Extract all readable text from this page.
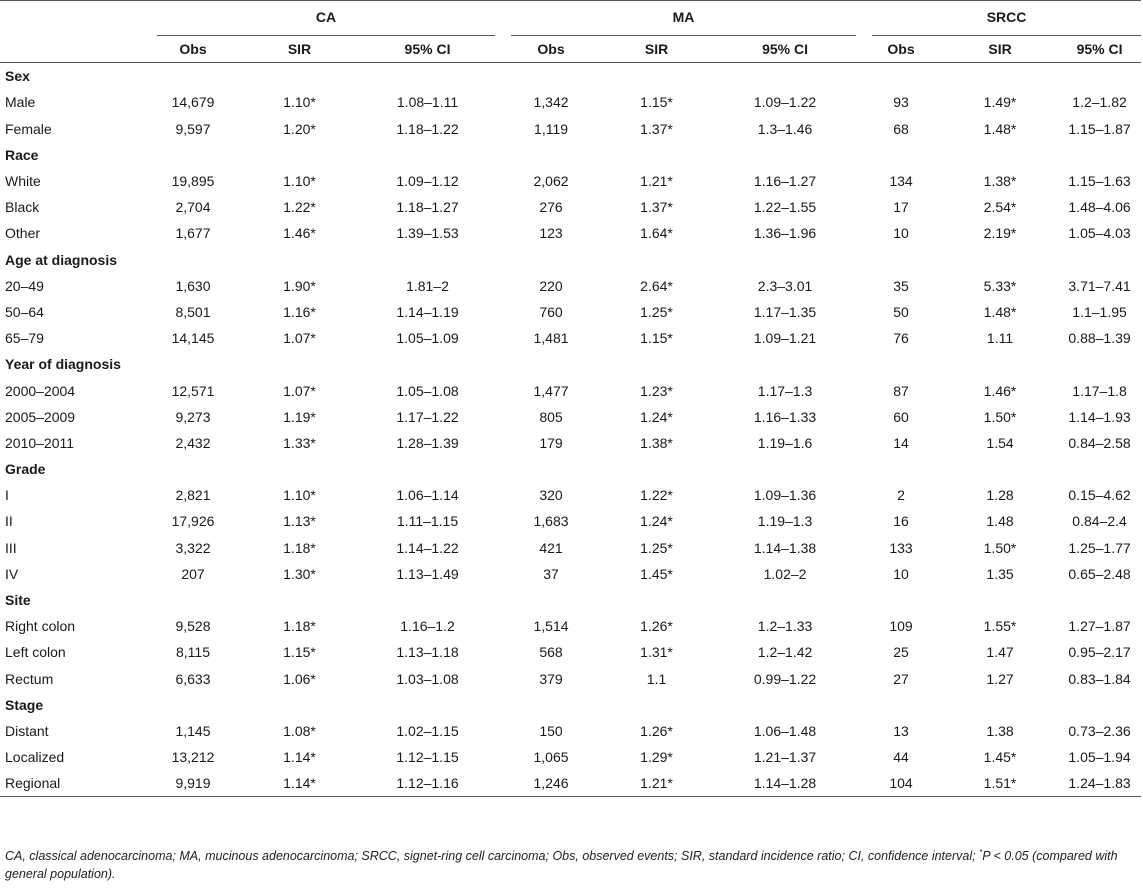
	CA			MA			SRCC		

	Obs	SIR	95% CI	Obs	SIR	95% CI	Obs	SIR	95% CI
Sex									
Male	14,679	1.10*	1.08–1.11	1,342	1.15*	1.09–1.22	93	1.49*	1.2–1.82
Female	9,597	1.20*	1.18–1.22	1,119	1.37*	1.3–1.46	68	1.48*	1.15–1.87
Race									
White	19,895	1.10*	1.09–1.12	2,062	1.21*	1.16–1.27	134	1.38*	1.15–1.63
Black	2,704	1.22*	1.18–1.27	276	1.37*	1.22–1.55	17	2.54*	1.48–4.06
Other	1,677	1.46*	1.39–1.53	123	1.64*	1.36–1.96	10	2.19*	1.05–4.03
Age at diagnosis									
20–49	1,630	1.90*	1.81–2	220	2.64*	2.3–3.01	35	5.33*	3.71–7.41
50–64	8,501	1.16*	1.14–1.19	760	1.25*	1.17–1.35	50	1.48*	1.1–1.95
65–79	14,145	1.07*	1.05–1.09	1,481	1.15*	1.09–1.21	76	1.11	0.88–1.39
Year of diagnosis									
2000–2004	12,571	1.07*	1.05–1.08	1,477	1.23*	1.17–1.3	87	1.46*	1.17–1.8
2005–2009	9,273	1.19*	1.17–1.22	805	1.24*	1.16–1.33	60	1.50*	1.14–1.93
2010–2011	2,432	1.33*	1.28–1.39	179	1.38*	1.19–1.6	14	1.54	0.84–2.58
Grade									
I	2,821	1.10*	1.06–1.14	320	1.22*	1.09–1.36	2	1.28	0.15–4.62
II	17,926	1.13*	1.11–1.15	1,683	1.24*	1.19–1.3	16	1.48	0.84–2.4
III	3,322	1.18*	1.14–1.22	421	1.25*	1.14–1.38	133	1.50*	1.25–1.77
IV	207	1.30*	1.13–1.49	37	1.45*	1.02–2	10	1.35	0.65–2.48
Site									
Right colon	9,528	1.18*	1.16–1.2	1,514	1.26*	1.2–1.33	109	1.55*	1.27–1.87
Left colon	8,115	1.15*	1.13–1.18	568	1.31*	1.2–1.42	25	1.47	0.95–2.17
Rectum	6,633	1.06*	1.03–1.08	379	1.1	0.99–1.22	27	1.27	0.83–1.84
Stage									
Distant	1,145	1.08*	1.02–1.15	150	1.26*	1.06–1.48	13	1.38	0.73–2.36
Localized	13,212	1.14*	1.12–1.15	1,065	1.29*	1.21–1.37	44	1.45*	1.05–1.94
Regional	9,919	1.14*	1.12–1.16	1,246	1.21*	1.14–1.28	104	1.51*	1.24–1.83
CA, classical adenocarcinoma; MA, mucinous adenocarcinoma; SRCC, signet-ring cell carcinoma; Obs, observed events; SIR, standard incidence ratio; CI, confidence interval; *P < 0.05 (compared with general population).
